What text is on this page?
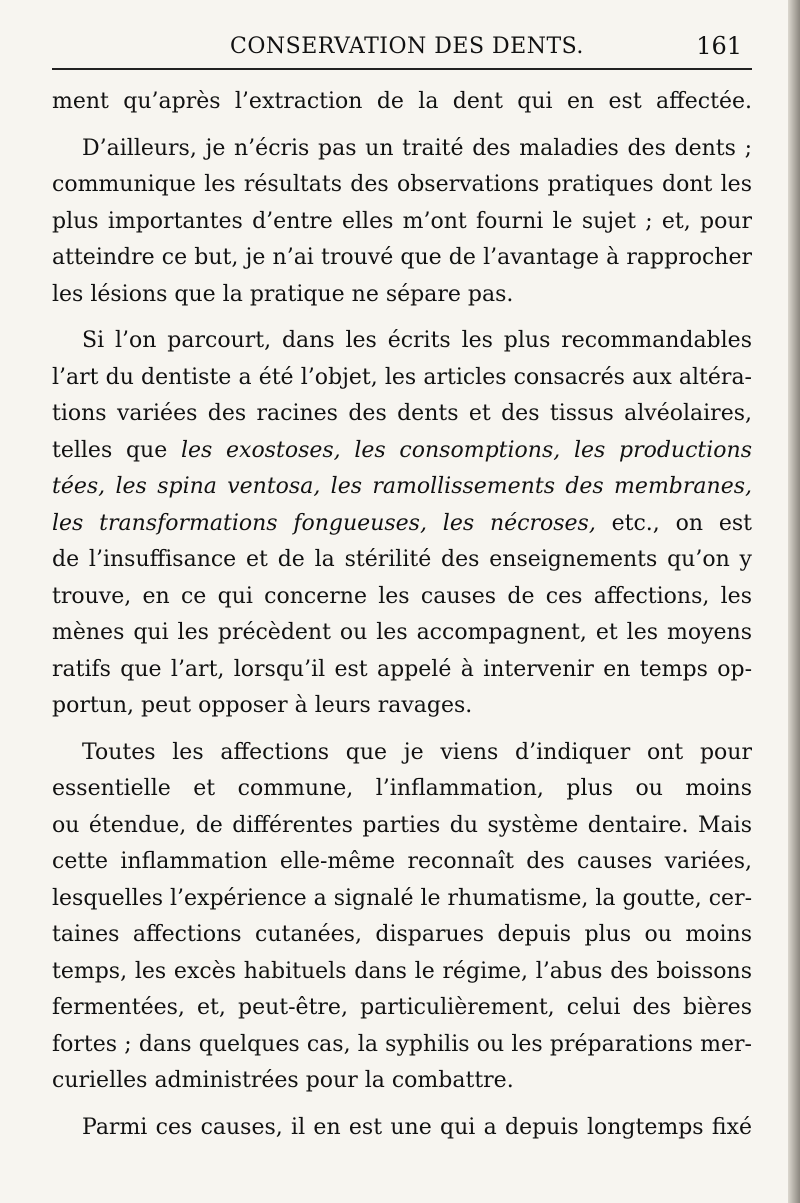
CONSERVATION DES DENTS.	161
ment qu’après l’extraction de la dent qui en est affectée.
D’ailleurs, je n’écris pas un traité des maladies des dents ;
communique les résultats des observations pratiques dont les
plus importantes d’entre elles m’ont fourni le sujet ; et, pour
atteindre ce but, je n’ai trouvé que de l’avantage à rapprocher
les lésions que la pratique ne sépare pas.
Si l’on parcourt, dans les écrits les plus recommandables
l’art du dentiste a été l’objet, les articles consacrés aux altéra-
tions variées des racines des dents et des tissus alvéolaires,
telles que les exostoses, les consomptions, les productions
tées, les spina ventosa, les ramollissements des membranes,
les transformations fongueuses, les nécroses, etc., on est
de l’insuffisance et de la stérilité des enseignements qu’on y
trouve, en ce qui concerne les causes de ces affections, les
mènes qui les précèdent ou les accompagnent, et les moyens
ratifs que l’art, lorsqu’il est appelé à intervenir en temps op-
portun, peut opposer à leurs ravages.
Toutes les affections que je viens d’indiquer ont pour
essentielle et commune, l’inflammation, plus ou moins
ou étendue, de différentes parties du système dentaire. Mais
cette inflammation elle-même reconnaît des causes variées,
lesquelles l’expérience a signalé le rhumatisme, la goutte, cer-
taines affections cutanées, disparues depuis plus ou moins
temps, les excès habituels dans le régime, l’abus des boissons
fermentées, et, peut-être, particulièrement, celui des bières
fortes ; dans quelques cas, la syphilis ou les préparations mer-
curielles administrées pour la combattre.
Parmi ces causes, il en est une qui a depuis longtemps fixé
